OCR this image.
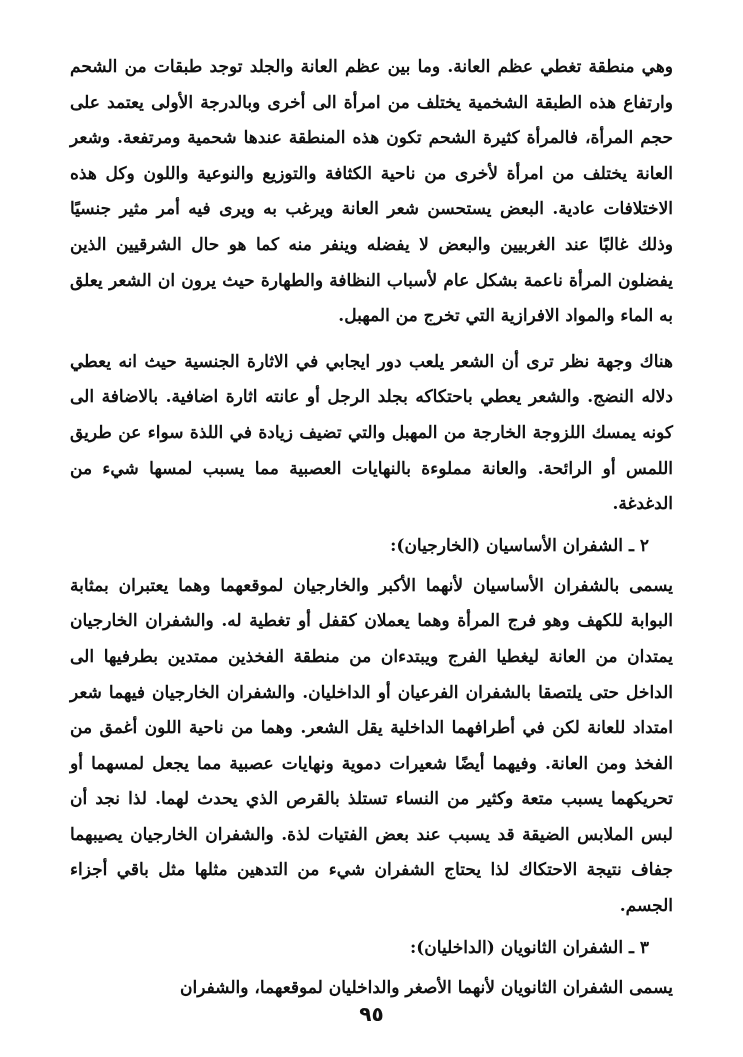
وهي منطقة تغطي عظم العانة. وما بين عظم العانة والجلد توجد طبقات من الشحم وارتفاع هذه الطبقة الشخمية يختلف من امرأة الى أخرى وبالدرجة الأولى يعتمد على حجم المرأة، فالمرأة كثيرة الشحم تكون هذه المنطقة عندها شحمية ومرتفعة. وشعر العانة يختلف من امرأة لأخرى من ناحية الكثافة والتوزيع والنوعية واللون وكل هذه الاختلافات عادية. البعض يستحسن شعر العانة ويرغب به ويرى فيه أمر مثير جنسيًا وذلك غالبًا عند الغربيين والبعض لا يفضله وينفر منه كما هو حال الشرقيين الذين يفضلون المرأة ناعمة بشكل عام لأسباب النظافة والطهارة حيث يرون ان الشعر يعلق به الماء والمواد الافرازية التي تخرج من المهبل.

هناك وجهة نظر ترى أن الشعر يلعب دور ايجابي في الاثارة الجنسية حيث انه يعطي دلاله النضج. والشعر يعطي باحتكاكه بجلد الرجل أو عانته اثارة اضافية. بالاضافة الى كونه يمسك اللزوجة الخارجة من المهبل والتي تضيف زيادة في اللذة سواء عن طريق اللمس أو الرائحة. والعانة مملوءة بالنهايات العصبية مما يسبب لمسها شيء من الدغدغة.

٢ ـ الشفران الأساسيان (الخارجيان):

يسمى بالشفران الأساسيان لأنهما الأكبر والخارجيان لموقعهما وهما يعتبران بمثابة البوابة للكهف وهو فرج المرأة وهما يعملان كقفل أو تغطية له. والشفران الخارجيان يمتدان من العانة ليغطيا الفرج ويبتدءان من منطقة الفخذين ممتدين بطرفيها الى الداخل حتى يلتصقا بالشفران الفرعيان أو الداخليان. والشفران الخارجيان فيهما شعر امتداد للعانة لكن في أطرافهما الداخلية يقل الشعر. وهما من ناحية اللون أغمق من الفخذ ومن العانة. وفيهما أيضًا شعيرات دموية ونهايات عصبية مما يجعل لمسهما أو تحريكهما يسبب متعة وكثير من النساء تستلذ بالقرص الذي يحدث لهما. لذا نجد أن لبس الملابس الضيقة قد يسبب عند بعض الفتيات لذة. والشفران الخارجيان يصيبهما جفاف نتيجة الاحتكاك لذا يحتاج الشفران شيء من التدهين مثلها مثل باقي أجزاء الجسم.

٣ ـ الشفران الثانويان (الداخليان):

يسمى الشفران الثانويان لأنهما الأصغر والداخليان لموقعهما، والشفران

٩٥
